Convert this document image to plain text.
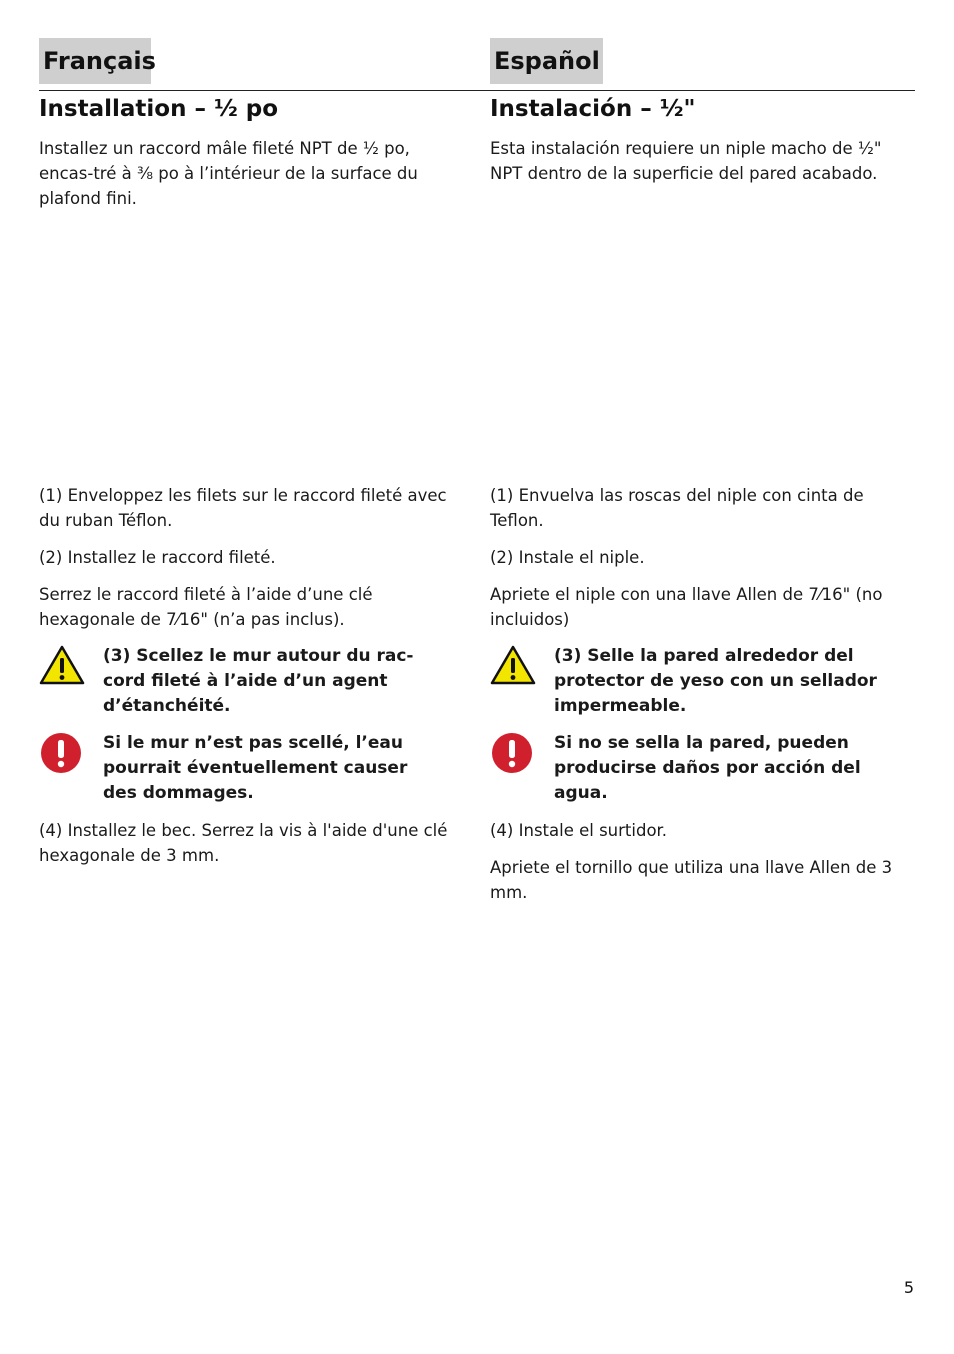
Français
Installation – ½ po

Installez un raccord mâle fileté NPT de ½ po, encas-tré à ⅜ po à l’intérieur de la surface du plafond fini.

(1) Enveloppez les filets sur le raccord fileté avec du ruban Téflon.

(2) Installez le raccord fileté.

Serrez le raccord fileté à l’aide d’une clé hexagonale de 7⁄16" (n’a pas inclus).

(3) Scellez le mur autour du rac-cord fileté à l’aide d’un agent d’étanchéité.
Si le mur n’est pas scellé, l’eau pourrait éventuellement causer des dommages.

(4) Installez le bec. Serrez la vis à l'aide d'une clé hexagonale de 3 mm.

Español
Instalación – ½"

Esta instalación requiere un niple macho de ½" NPT dentro de la superficie del pared acabado.

(1) Envuelva las roscas del niple con cinta de Teflon.

(2) Instale el niple.

Apriete el niple con una llave Allen de 7⁄16" (no incluidos)

(3) Selle la pared alrededor del protector de yeso con un sellador impermeable.
Si no se sella la pared, pueden producirse daños por acción del agua.

(4) Instale el surtidor.

Apriete el tornillo que utiliza una llave Allen de 3 mm.

5
